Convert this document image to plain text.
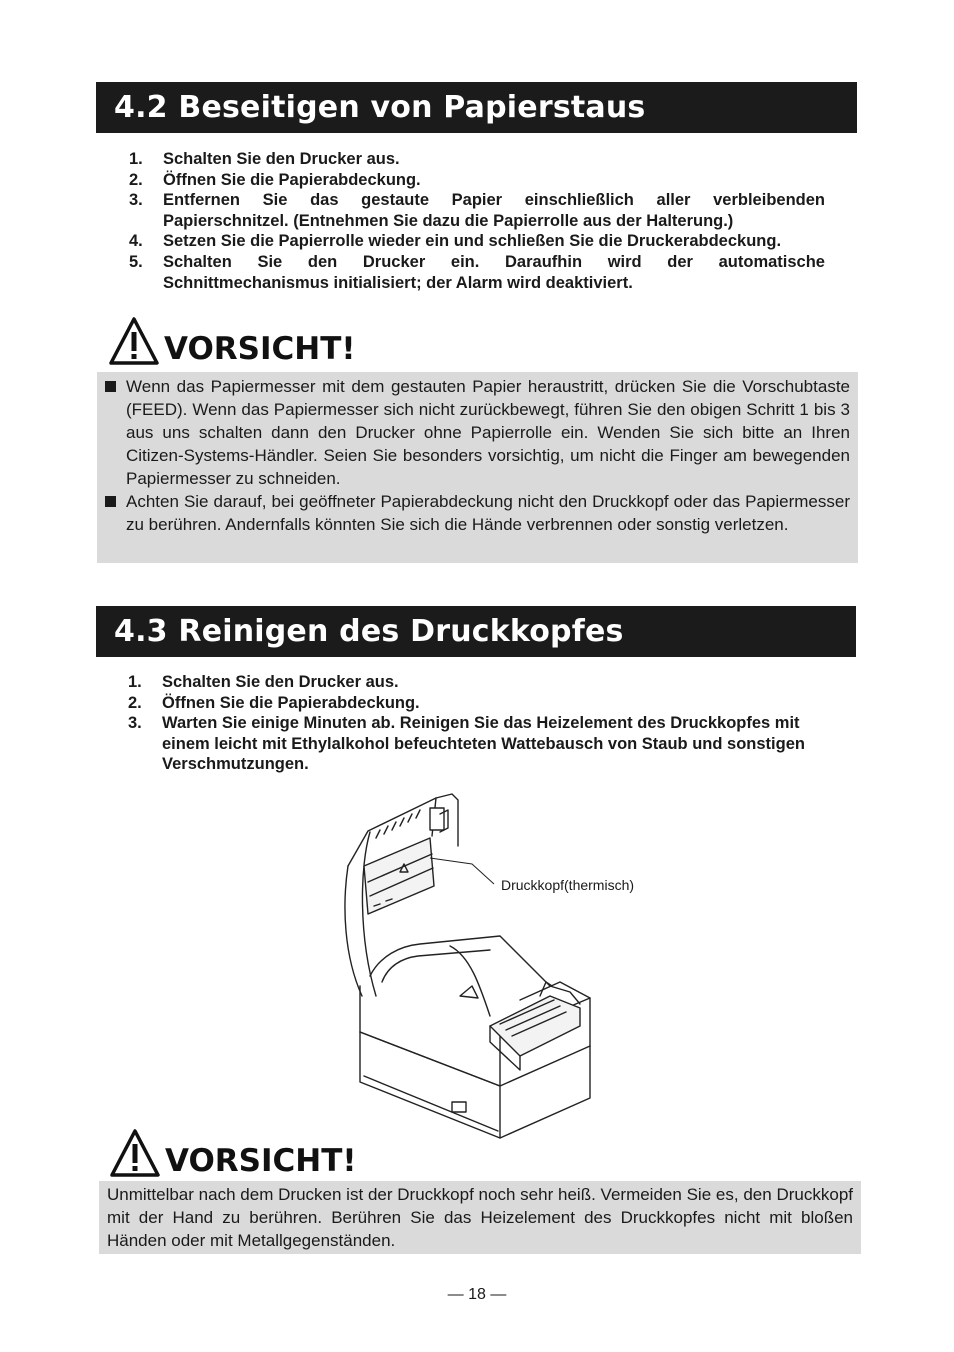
4.2 Beseitigen von Papierstaus
1. Schalten Sie den Drucker aus.
2. Öffnen Sie die Papierabdeckung.
3. Entfernen Sie das gestaute Papier einschließlich aller verbleibenden
Papierschnitzel. (Entnehmen Sie dazu die Papierrolle aus der Halterung.)
4. Setzen Sie die Papierrolle wieder ein und schließen Sie die Druckerabdeckung.
5. Schalten Sie den Drucker ein. Daraufhin wird der automatische
Schnittmechanismus initialisiert; der Alarm wird deaktiviert.
VORSICHT!
Wenn das Papiermesser mit dem gestauten Papier heraustritt, drücken Sie die Vorschubtaste (FEED). Wenn das Papiermesser sich nicht zurückbewegt, führen Sie den obigen Schritt 1 bis 3 aus uns schalten dann den Drucker ohne Papierrolle ein. Wenden Sie sich bitte an Ihren Citizen-Systems-Händler. Seien Sie besonders vorsichtig, um nicht die Finger am bewegenden Papiermesser zu schneiden.
Achten Sie darauf, bei geöffneter Papierabdeckung nicht den Druckkopf oder das Papiermesser zu berühren. Andernfalls könnten Sie sich die Hände verbrennen oder sonstig verletzen.
4.3 Reinigen des Druckkopfes
1. Schalten Sie den Drucker aus.
2. Öffnen Sie die Papierabdeckung.
3. Warten Sie einige Minuten ab. Reinigen Sie das Heizelement des Druckkopfes mit einem leicht mit Ethylalkohol befeuchteten Wattebausch von Staub und sonstigen Verschmutzungen.
Druckkopf(thermisch)
VORSICHT!
Unmittelbar nach dem Drucken ist der Druckkopf noch sehr heiß. Vermeiden Sie es, den Druckkopf mit der Hand zu berühren. Berühren Sie das Heizelement des Druckkopfes nicht mit bloßen Händen oder mit Metallgegenständen.
— 18 —
